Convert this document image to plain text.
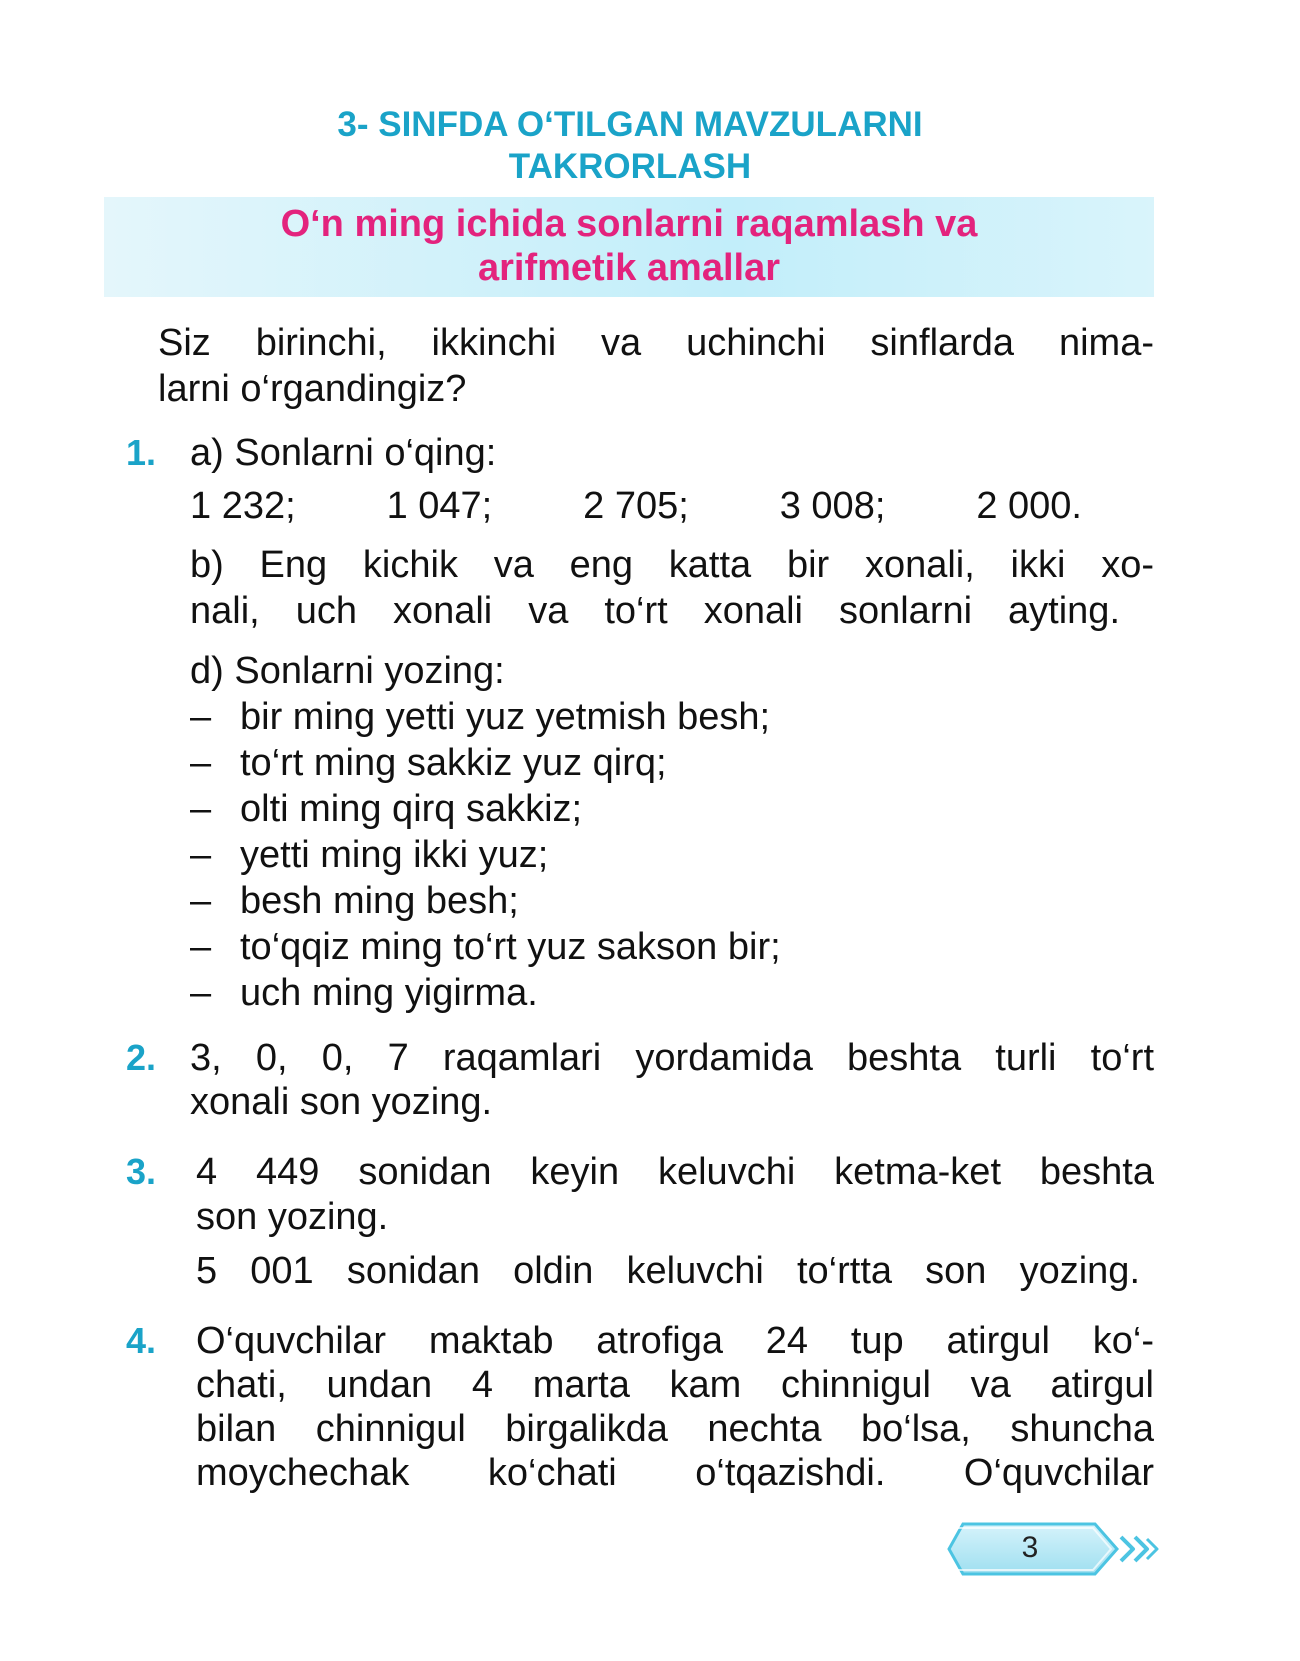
3- SINFDA O‘TILGAN MAVZULARNI
TAKRORLASH
O‘n ming ichida sonlarni raqamlash va
arifmetik amallar
Siz birinchi, ikkinchi va uchinchi sinflarda nima-
larni o‘rgandingiz?
1. a) Sonlarni o‘qing:
1 232; 1 047; 2 705; 3 008; 2 000.
b) Eng kichik va eng katta bir xonali, ikki xo-
nali, uch xonali va to‘rt xonali sonlarni ayting.
d) Sonlarni yozing:
– bir ming yetti yuz yetmish besh;
– to‘rt ming sakkiz yuz qirq;
– olti ming qirq sakkiz;
– yetti ming ikki yuz;
– besh ming besh;
– to‘qqiz ming to‘rt yuz sakson bir;
– uch ming yigirma.
2. 3, 0, 0, 7 raqamlari yordamida beshta turli to‘rt
xonali son yozing.
3. 4 449 sonidan keyin keluvchi ketma-ket beshta
son yozing.
5 001 sonidan oldin keluvchi to‘rtta son yozing.
4. O‘quvchilar maktab atrofiga 24 tup atirgul ko‘-
chati, undan 4 marta kam chinnigul va atirgul
bilan chinnigul birgalikda nechta bo‘lsa, shuncha
moychechak ko‘chati o‘tqazishdi. O‘quvchilar
3
